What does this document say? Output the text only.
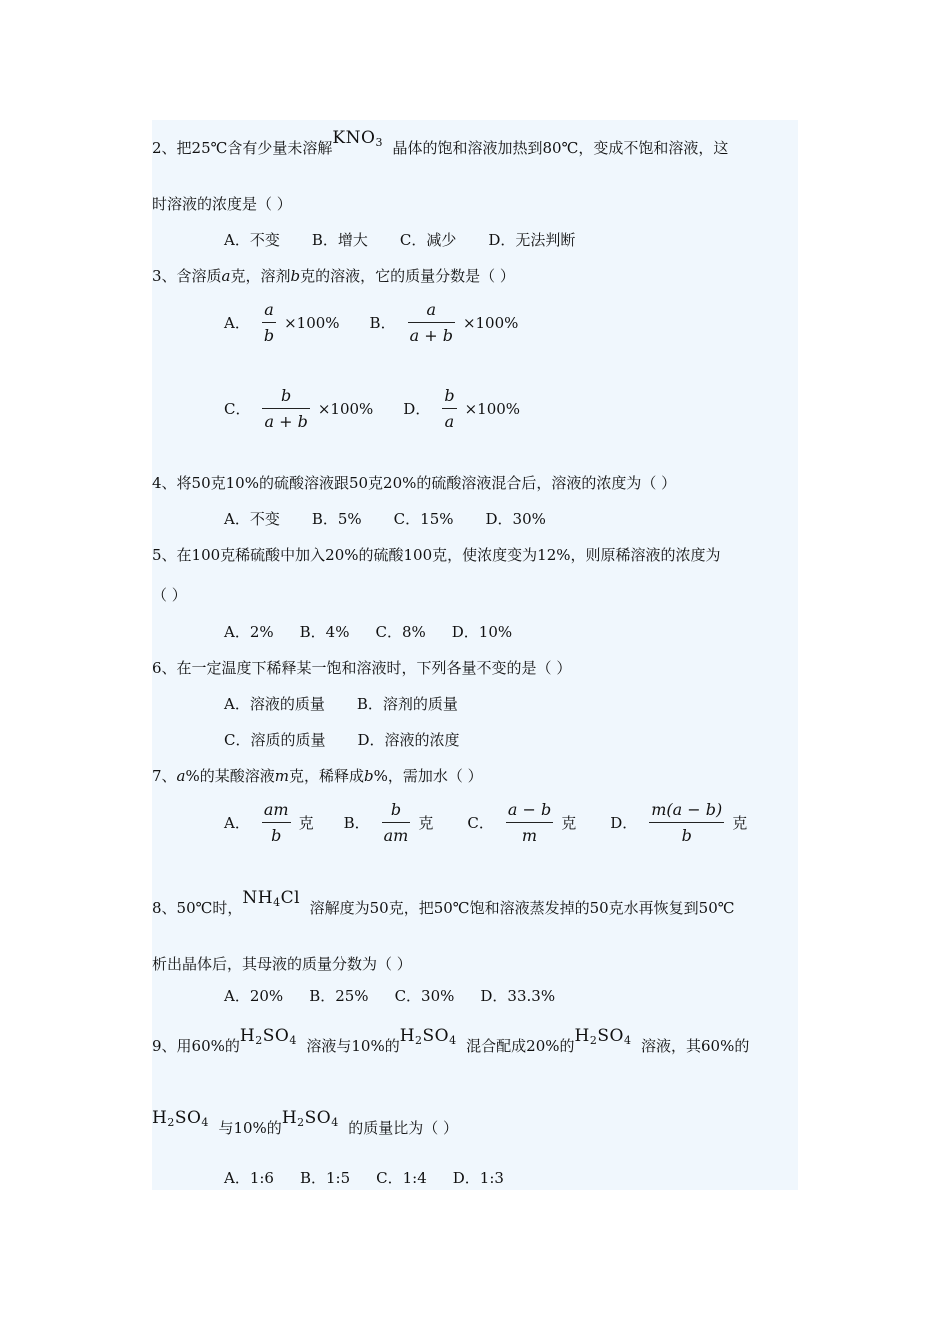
2、把25℃含有少量未溶解$KNO_3$ 晶体的饱和溶液加热到80℃，变成不饱和溶液，这
时溶液的浓度是（ ）
A．不变 B．增大 C．减少 D．无法判断
3、含溶质a克，溶剂b克的溶液，它的质量分数是（ ）
A． $\frac{a}{b} \times 100\%$ B． $\frac{a}{a + b} \times 100\%$
C． $\frac{b}{a + b} \times 100\%$ D． $\frac{b}{a} \times 100\%$
4、将50克10%的硫酸溶液跟50克20%的硫酸溶液混合后，溶液的浓度为（ ）
A．不变 B．5% C．15% D．30%
5、在100克稀硫酸中加入20%的硫酸100克，使浓度变为12%，则原稀溶液的浓度为
（ ）
A．2% B．4% C．8% D．10%
6、在一定温度下稀释某一饱和溶液时，下列各量不变的是（ ）
A．溶液的质量 B．溶剂的质量
C．溶质的质量 D．溶液的浓度
7、a%的某酸溶液m克，稀释成b%，需加水（ ）
A． $\frac{am}{b}$ 克 B． $\frac{b}{am}$ 克 C． $\frac{a - b}{m}$ 克 D． $\frac{m(a - b)}{b}$ 克
8、50℃时，$NH_4Cl$ 溶解度为50克，把50℃饱和溶液蒸发掉的50克水再恢复到50℃
析出晶体后，其母液的质量分数为（ ）
A．20% B．25% C．30% D．33.3%
9、用60%的$H_2SO_4$ 溶液与10%的$H_2SO_4$ 混合配成20%的$H_2SO_4$ 溶液，其60%的
$H_2SO_4$ 与10%的$H_2SO_4$ 的质量比为（ ）
A．1:6 B．1:5 C．1:4 D．1:3
